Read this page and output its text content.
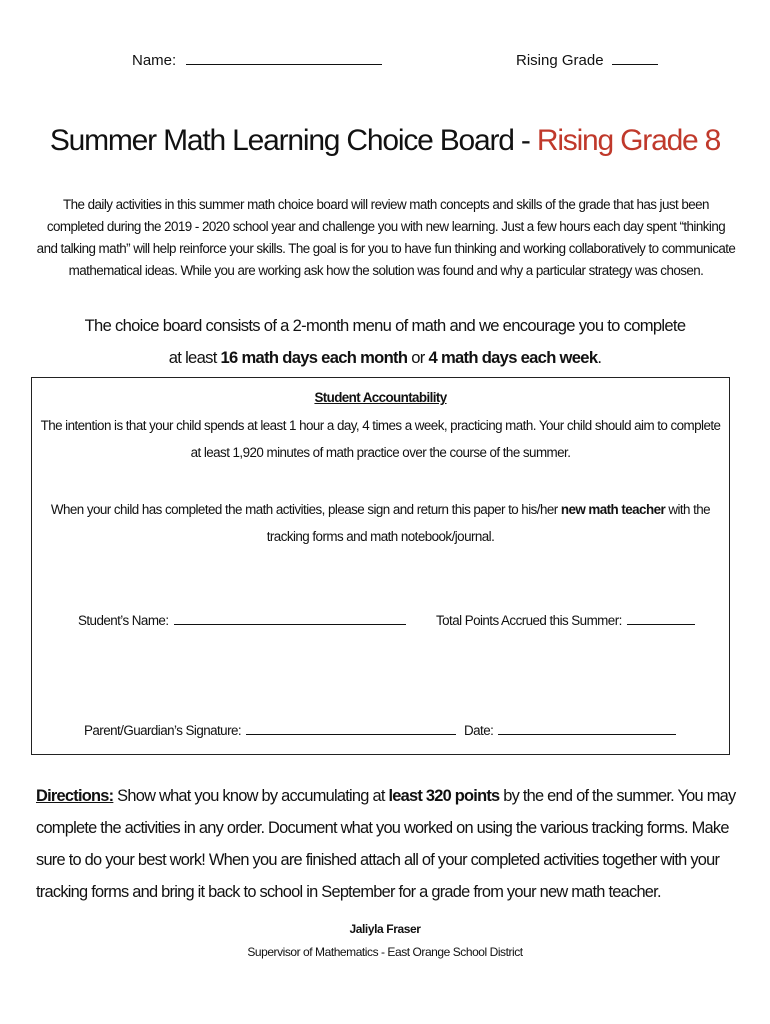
Name:	Rising Grade
Summer Math Learning Choice Board - Rising Grade 8
The daily activities in this summer math choice board will review math concepts and skills of the grade that has just been completed during the 2019 - 2020 school year and challenge you with new learning. Just a few hours each day spent “thinking and talking math” will help reinforce your skills. The goal is for you to have fun thinking and working collaboratively to communicate mathematical ideas. While you are working ask how the solution was found and why a particular strategy was chosen.
The choice board consists of a 2-month menu of math and we encourage you to complete
at least 16 math days each month or 4 math days each week.
Student Accountability
The intention is that your child spends at least 1 hour a day, 4 times a week, practicing math. Your child should aim to complete at least 1,920 minutes of math practice over the course of the summer.
When your child has completed the math activities, please sign and return this paper to his/her new math teacher with the tracking forms and math notebook/journal.
Student’s Name:	Total Points Accrued this Summer:
Parent/Guardian’s Signature:	Date:
Directions: Show what you know by accumulating at least 320 points by the end of the summer. You may complete the activities in any order. Document what you worked on using the various tracking forms. Make sure to do your best work! When you are finished attach all of your completed activities together with your tracking forms and bring it back to school in September for a grade from your new math teacher.
Jaliyla Fraser
Supervisor of Mathematics - East Orange School District
